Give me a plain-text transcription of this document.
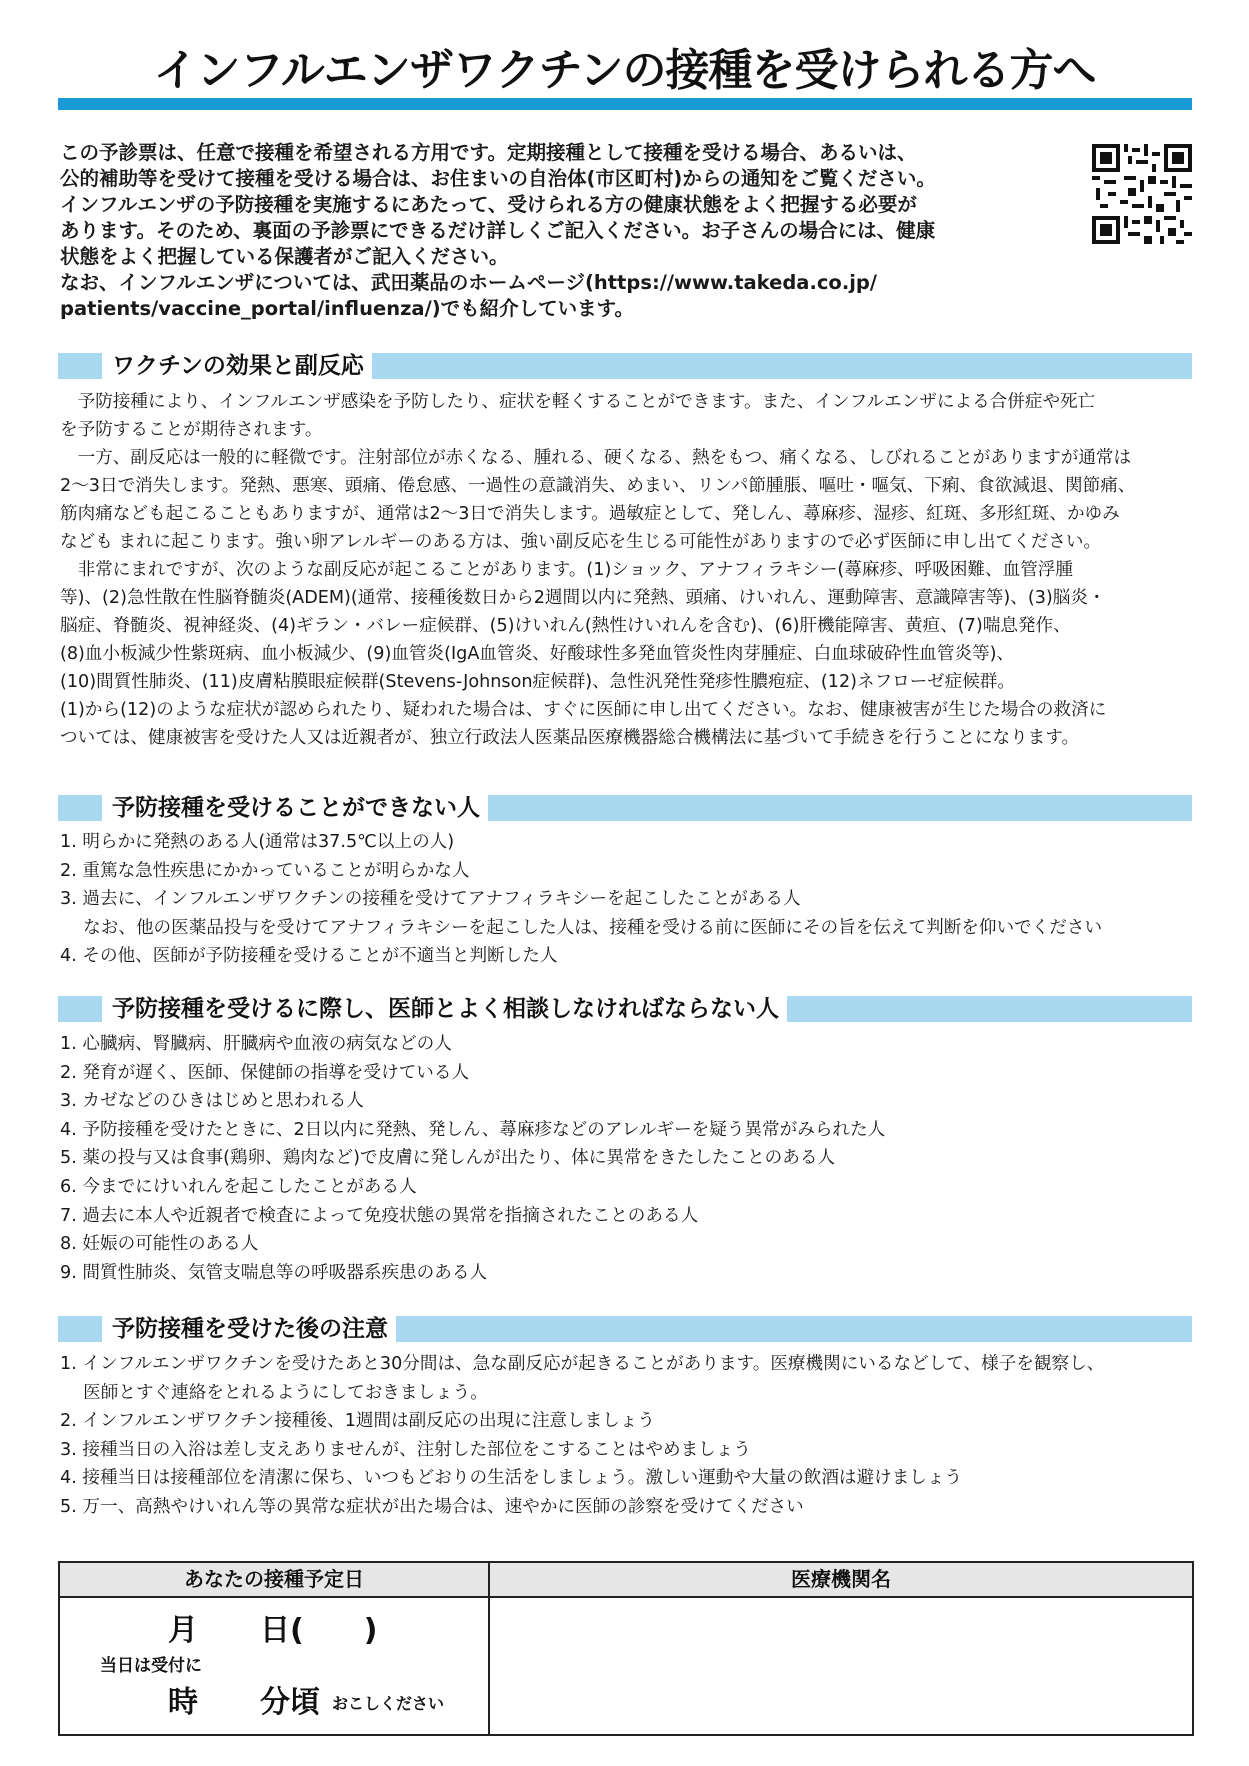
インフルエンザワクチンの接種を受けられる方へ

この予診票は、任意で接種を希望される方用です。定期接種として接種を受ける場合、あるいは、

公的補助等を受けて接種を受ける場合は、お住まいの自治体(市区町村)からの通知をご覧ください。

インフルエンザの予防接種を実施するにあたって、受けられる方の健康状態をよく把握する必要が

あります。そのため、裏面の予診票にできるだけ詳しくご記入ください。お子さんの場合には、健康

状態をよく把握している保護者がご記入ください。

なお、インフルエンザについては、武田薬品のホームページ(https://www.takeda.co.jp/

patients/vaccine_portal/influenza/)でも紹介しています。

ワクチンの効果と副反応

　予防接種により、インフルエンザ感染を予防したり、症状を軽くすることができます。また、インフルエンザによる合併症や死亡

を予防することが期待されます。

　一方、副反応は一般的に軽微です。注射部位が赤くなる、腫れる、硬くなる、熱をもつ、痛くなる、しびれることがありますが通常は

2〜3日で消失します。発熱、悪寒、頭痛、倦怠感、一過性の意識消失、めまい、リンパ節腫脹、嘔吐・嘔気、下痢、食欲減退、関節痛、

筋肉痛なども起こることもありますが、通常は2〜3日で消失します。過敏症として、発しん、蕁麻疹、湿疹、紅斑、多形紅斑、かゆみ

なども まれに起こります。強い卵アレルギーのある方は、強い副反応を生じる可能性がありますので必ず医師に申し出てください。

　非常にまれですが、次のような副反応が起こることがあります。(1)ショック、アナフィラキシー(蕁麻疹、呼吸困難、血管浮腫

等)、(2)急性散在性脳脊髄炎(ADEM)(通常、接種後数日から2週間以内に発熱、頭痛、けいれん、運動障害、意識障害等)、(3)脳炎・

脳症、脊髄炎、視神経炎、(4)ギラン・バレー症候群、(5)けいれん(熱性けいれんを含む)、(6)肝機能障害、黄疸、(7)喘息発作、

(8)血小板減少性紫斑病、血小板減少、(9)血管炎(IgA血管炎、好酸球性多発血管炎性肉芽腫症、白血球破砕性血管炎等)、

(10)間質性肺炎、(11)皮膚粘膜眼症候群(Stevens-Johnson症候群)、急性汎発性発疹性膿疱症、(12)ネフローゼ症候群。

(1)から(12)のような症状が認められたり、疑われた場合は、すぐに医師に申し出てください。なお、健康被害が生じた場合の救済に

ついては、健康被害を受けた人又は近親者が、独立行政法人医薬品医療機器総合機構法に基づいて手続きを行うことになります。

予防接種を受けることができない人

1. 明らかに発熱のある人(通常は37.5℃以上の人)

2. 重篤な急性疾患にかかっていることが明らかな人

3. 過去に、インフルエンザワクチンの接種を受けてアナフィラキシーを起こしたことがある人

　 なお、他の医薬品投与を受けてアナフィラキシーを起こした人は、接種を受ける前に医師にその旨を伝えて判断を仰いでください

4. その他、医師が予防接種を受けることが不適当と判断した人

予防接種を受けるに際し、医師とよく相談しなければならない人

1. 心臓病、腎臓病、肝臓病や血液の病気などの人

2. 発育が遅く、医師、保健師の指導を受けている人

3. カゼなどのひきはじめと思われる人

4. 予防接種を受けたときに、2日以内に発熱、発しん、蕁麻疹などのアレルギーを疑う異常がみられた人

5. 薬の投与又は食事(鶏卵、鶏肉など)で皮膚に発しんが出たり、体に異常をきたしたことのある人

6. 今までにけいれんを起こしたことがある人

7. 過去に本人や近親者で検査によって免疫状態の異常を指摘されたことのある人

8. 妊娠の可能性のある人

9. 間質性肺炎、気管支喘息等の呼吸器系疾患のある人

予防接種を受けた後の注意

1. インフルエンザワクチンを受けたあと30分間は、急な副反応が起きることがあります。医療機関にいるなどして、様子を観察し、

　 医師とすぐ連絡をとれるようにしておきましょう。

2. インフルエンザワクチン接種後、1週間は副反応の出現に注意しましょう

3. 接種当日の入浴は差し支えありませんが、注射した部位をこすることはやめましょう

4. 接種当日は接種部位を清潔に保ち、いつもどおりの生活をしましょう。激しい運動や大量の飲酒は避けましょう

5. 万一、高熱やけいれん等の異常な症状が出た場合は、速やかに医師の診察を受けてください

あなたの接種予定日	医療機関名
月 日(　　)
当日は受付に
時 分頃 おこしください
